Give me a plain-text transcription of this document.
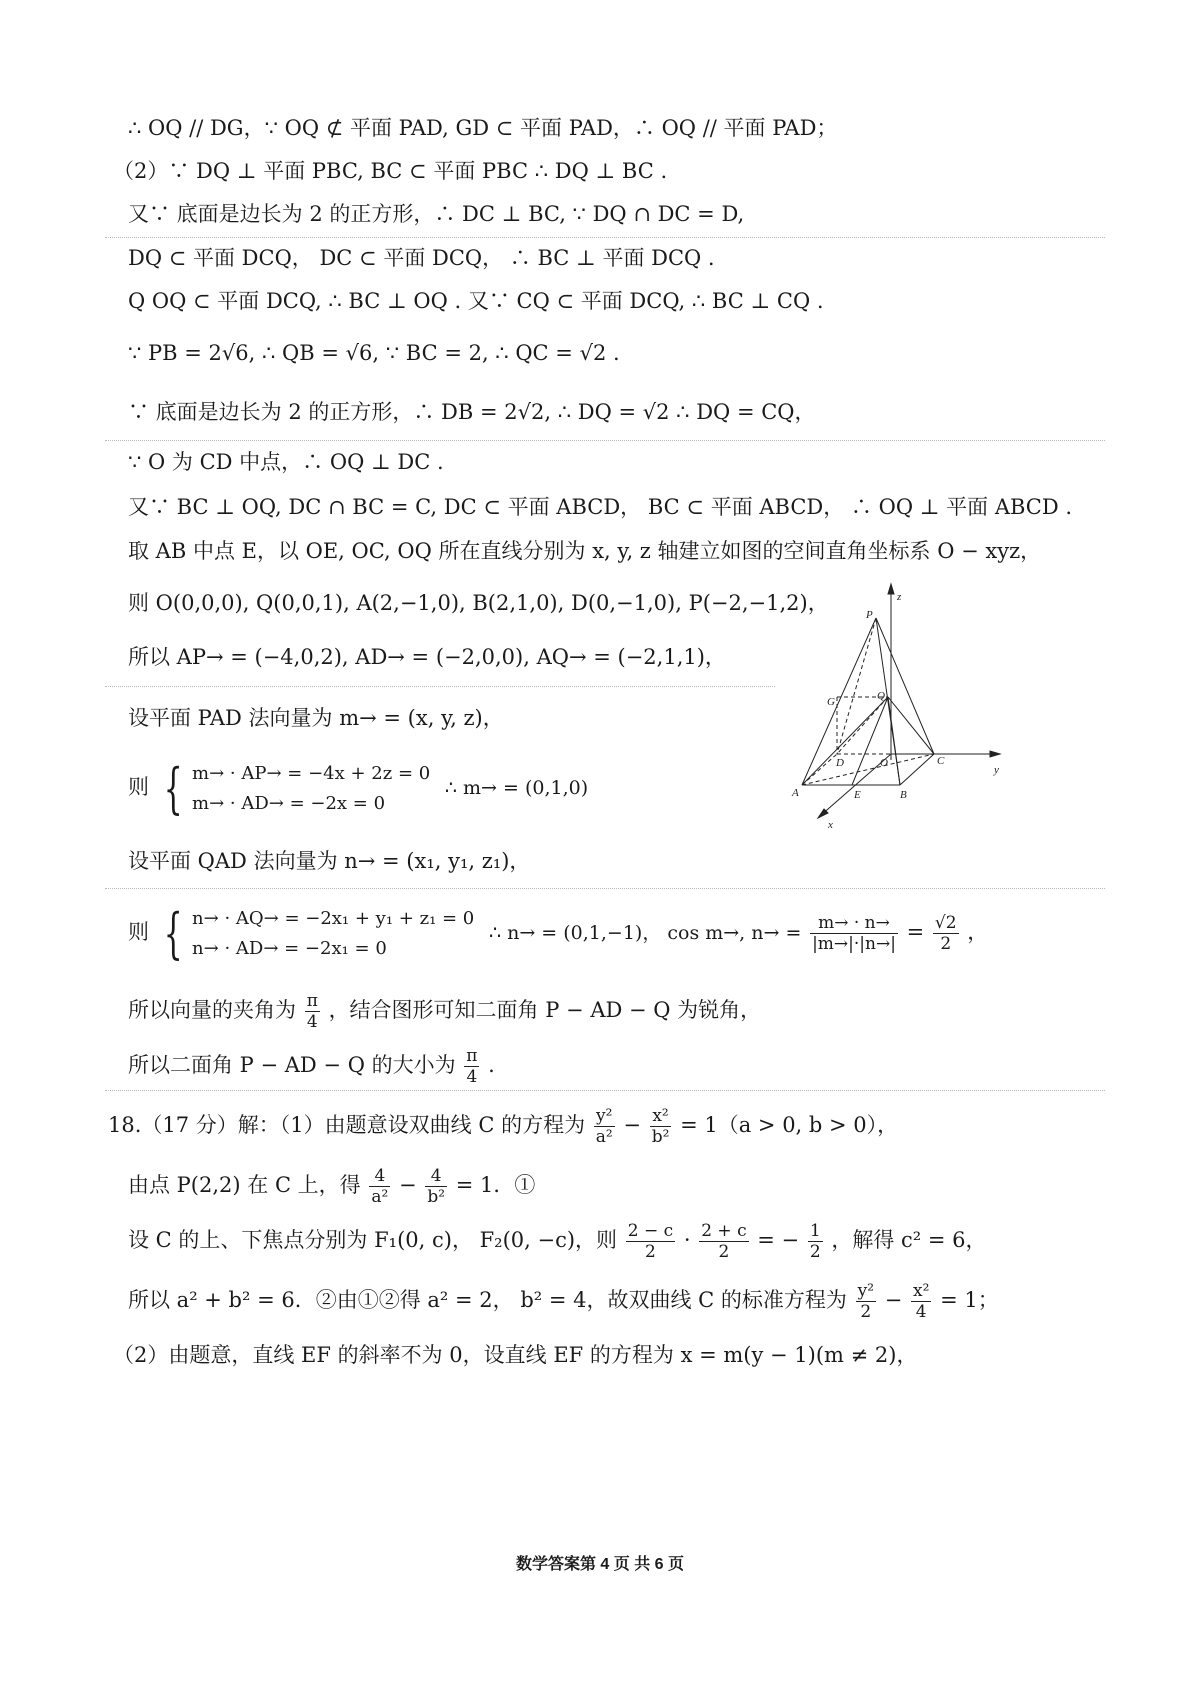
∴ OQ // DG，∵ OQ ⊄ 平面 PAD, GD ⊂ 平面 PAD，∴ OQ // 平面 PAD；
（2）∵ DQ ⊥ 平面 PBC, BC ⊂ 平面 PBC ∴ DQ ⊥ BC .
又∵ 底面是边长为 2 的正方形，∴ DC ⊥ BC, ∵ DQ ∩ DC = D,
DQ ⊂ 平面 DCQ， DC ⊂ 平面 DCQ， ∴ BC ⊥ 平面 DCQ .
Q OQ ⊂ 平面 DCQ, ∴ BC ⊥ OQ . 又∵ CQ ⊂ 平面 DCQ, ∴ BC ⊥ CQ .
∵ PB = 2√6, ∴ QB = √6, ∵ BC = 2, ∴ QC = √2 .
∵ 底面是边长为 2 的正方形，∴ DB = 2√2, ∴ DQ = √2 ∴ DQ = CQ，
∵ O 为 CD 中点，∴ OQ ⊥ DC .
又∵ BC ⊥ OQ, DC ∩ BC = C, DC ⊂ 平面 ABCD， BC ⊂ 平面 ABCD， ∴ OQ ⊥ 平面 ABCD .
取 AB 中点 E，以 OE, OC, OQ 所在直线分别为 x, y, z 轴建立如图的空间直角坐标系 O − xyz，
则 O(0,0,0), Q(0,0,1), A(2,−1,0), B(2,1,0), D(0,−1,0), P(−2,−1,2)，
所以 AP→ = (−4,0,2), AD→ = (−2,0,0), AQ→ = (−2,1,1)，
设平面 PAD 法向量为 m→ = (x, y, z)，
则 { m→ · AP→ = −4x + 2z = 0
m→ · AD→ = −2x = 0
∴ m→ = (0,1,0)
设平面 QAD 法向量为 n→ = (x₁, y₁, z₁)，
则 { n→ · AQ→ = −2x₁ + y₁ + z₁ = 0
n→ · AD→ = −2x₁ = 0
∴ n→ = (0,1,−1)， cos m→, $n\to = \frac{m\to \cdot n\to}{|m\to|\cdot|n\to|} = \frac{√2}{2}$ ，
所以向量的夹角为 $\frac{\pi}{4}$ ，结合图形可知二面角 P − AD − Q 为锐角，
所以二面角 P − AD − Q 的大小为 $\frac{\pi}{4}$ .
18.（17 分）解：（1）由题意设双曲线 C 的方程为 $\frac{\text{y²}}{\text{a²}} - \frac{\text{x²}}{\text{b²}} = 1(a > 0$, b > 0），
由点 P(2,2) 在 C 上，得 $\frac{4}{\text{a²}} - \frac{4}{\text{b²}} = 1$．①
设 C 的上、下焦点分别为 F₁(0, c)， F₂(0, −c)，则 $\frac{2 - c}{2} \cdot \frac{2 + c}{2}$ = − $\frac{1}{2}$ ，解得 c² = 6，
所以 a² + b² = 6．②由①②得 a² = 2， b² = 4，故双曲线 C 的标准方程为 $\frac{\text{y²}}{2} - \frac{\text{x²}}{4} = 1$；
（2）由题意，直线 EF 的斜率不为 0，设直线 EF 的方程为 x = m(y − 1)(m ≠ 2)，
P
z
G	Q
D	O	C
y
A	E	B
x
数学答案第 4 页 共 6 页
